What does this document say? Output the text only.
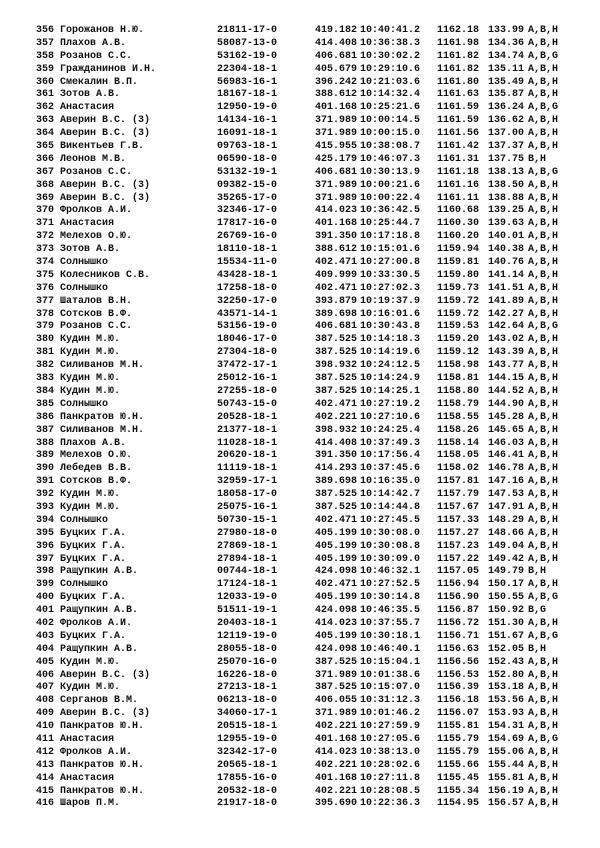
356 Горожанов Н.Ю.	21811-17-0	419.182 10:40:41.2 1162.18 133.99 A,B,H
357 Плахов А.В.	58087-13-0	414.408 10:36:38.3 1161.98 134.36 A,B,H
358 Розанов С.С.	53162-19-0	406.681 10:30:02.2 1161.82 134.74 A,B,G
359 Гражданинов И.Н.	22304-18-1	405.679 10:29:10.6 1161.82 135.11 A,B,H
360 Смекалин В.П.	56983-16-1	396.242 10:21:03.6 1161.80 135.49 A,B,H
361 Зотов А.В.	18167-18-1	388.612 10:14:32.4 1161.63 135.87 A,B,H
362 Анастасия	12950-19-0	401.168 10:25:21.6 1161.59 136.24 A,B,G
363 Аверин В.С. (3)	14134-16-1	371.989 10:00:14.5 1161.59 136.62 A,B,H
364 Аверин В.С. (3)	16091-18-1	371.989 10:00:15.0 1161.56 137.00 A,B,H
365 Викентьев Г.В.	09763-18-1	415.955 10:38:08.7 1161.42 137.37 A,B,H
366 Леонов М.В.	06590-18-0	425.179 10:46:07.3 1161.31 137.75 B,H
367 Розанов С.С.	53132-19-1	406.681 10:30:13.9 1161.18 138.13 A,B,G
368 Аверин В.С. (3)	09382-15-0	371.989 10:00:21.6 1161.16 138.50 A,B,H
369 Аверин В.С. (3)	35265-17-0	371.989 10:00:22.4 1161.11 138.88 A,B,H
370 Фролков А.И.	32346-17-0	414.023 10:36:42.5 1160.68 139.25 A,B,H
371 Анастасия	17817-16-0	401.168 10:25:44.7 1160.30 139.63 A,B,H
372 Мелехов О.Ю.	26769-16-0	391.350 10:17:18.8 1160.20 140.01 A,B,H
373 Зотов А.В.	18110-18-1	388.612 10:15:01.6 1159.94 140.38 A,B,H
374 Солнышко	15534-11-0	402.471 10:27:00.8 1159.81 140.76 A,B,H
375 Колесников С.В.	43428-18-1	409.999 10:33:30.5 1159.80 141.14 A,B,H
376 Солнышко	17258-18-0	402.471 10:27:02.3 1159.73 141.51 A,B,H
377 Шаталов В.Н.	32250-17-0	393.879 10:19:37.9 1159.72 141.89 A,B,H
378 Сотсков В.Ф.	43571-14-1	389.698 10:16:01.6 1159.72 142.27 A,B,H
379 Розанов С.С.	53156-19-0	406.681 10:30:43.8 1159.53 142.64 A,B,G
380 Кудин М.Ю.	18046-17-0	387.525 10:14:18.3 1159.20 143.02 A,B,H
381 Кудин М.Ю.	27304-18-0	387.525 10:14:19.6 1159.12 143.39 A,B,H
382 Силиванов М.Н.	37472-17-1	398.932 10:24:12.5 1158.98 143.77 A,B,H
383 Кудин М.Ю.	25012-16-1	387.525 10:14:24.9 1158.81 144.15 A,B,H
384 Кудин М.Ю.	27255-18-0	387.525 10:14:25.1 1158.80 144.52 A,B,H
385 Солнышко	50743-15-0	402.471 10:27:19.2 1158.79 144.90 A,B,H
386 Панкратов Ю.Н.	20528-18-1	402.221 10:27:10.6 1158.55 145.28 A,B,H
387 Силиванов М.Н.	21377-18-1	398.932 10:24:25.4 1158.26 145.65 A,B,H
388 Плахов А.В.	11028-18-1	414.408 10:37:49.3 1158.14 146.03 A,B,H
389 Мелехов О.Ю.	20620-18-1	391.350 10:17:56.4 1158.05 146.41 A,B,H
390 Лебедев В.В.	11119-18-1	414.293 10:37:45.6 1158.02 146.78 A,B,H
391 Сотсков В.Ф.	32959-17-1	389.698 10:16:35.0 1157.81 147.16 A,B,H
392 Кудин М.Ю.	18058-17-0	387.525 10:14:42.7 1157.79 147.53 A,B,H
393 Кудин М.Ю.	25075-16-1	387.525 10:14:44.8 1157.67 147.91 A,B,H
394 Солнышко	50730-15-1	402.471 10:27:45.5 1157.33 148.29 A,B,H
395 Буцких Г.А.	27980-18-0	405.199 10:30:08.0 1157.27 148.66 A,B,H
396 Буцких Г.А.	27869-18-1	405.199 10:30:08.8 1157.23 149.04 A,B,H
397 Буцких Г.А.	27894-18-1	405.199 10:30:09.0 1157.22 149.42 A,B,H
398 Ращупкин А.В.	00744-18-1	424.098 10:46:32.1 1157.05 149.79 B,H
399 Солнышко	17124-18-1	402.471 10:27:52.5 1156.94 150.17 A,B,H
400 Буцких Г.А.	12033-19-0	405.199 10:30:14.8 1156.90 150.55 A,B,G
401 Ращупкин А.В.	51511-19-1	424.098 10:46:35.5 1156.87 150.92 B,G
402 Фролков А.И.	20403-18-1	414.023 10:37:55.7 1156.72 151.30 A,B,H
403 Буцких Г.А.	12119-19-0	405.199 10:30:18.1 1156.71 151.67 A,B,G
404 Ращупкин А.В.	28055-18-0	424.098 10:46:40.1 1156.63 152.05 B,H
405 Кудин М.Ю.	25070-16-0	387.525 10:15:04.1 1156.56 152.43 A,B,H
406 Аверин В.С. (3)	16226-18-0	371.989 10:01:38.6 1156.53 152.80 A,B,H
407 Кудин М.Ю.	27213-18-1	387.525 10:15:07.0 1156.39 153.18 A,B,H
408 Серганов В.М.	06213-18-0	406.055 10:31:12.3 1156.18 153.56 A,B,H
409 Аверин В.С. (3)	34060-17-1	371.989 10:01:46.2 1156.07 153.93 A,B,H
410 Панкратов Ю.Н.	20515-18-1	402.221 10:27:59.9 1155.81 154.31 A,B,H
411 Анастасия	12955-19-0	401.168 10:27:05.6 1155.79 154.69 A,B,G
412 Фролков А.И.	32342-17-0	414.023 10:38:13.0 1155.79 155.06 A,B,H
413 Панкратов Ю.Н.	20565-18-1	402.221 10:28:02.6 1155.66 155.44 A,B,H
414 Анастасия	17855-16-0	401.168 10:27:11.8 1155.45 155.81 A,B,H
415 Панкратов Ю.Н.	20532-18-0	402.221 10:28:08.5 1155.34 156.19 A,B,H
416 Шаров П.М.	21917-18-0	395.690 10:22:36.3 1154.95 156.57 A,B,H
